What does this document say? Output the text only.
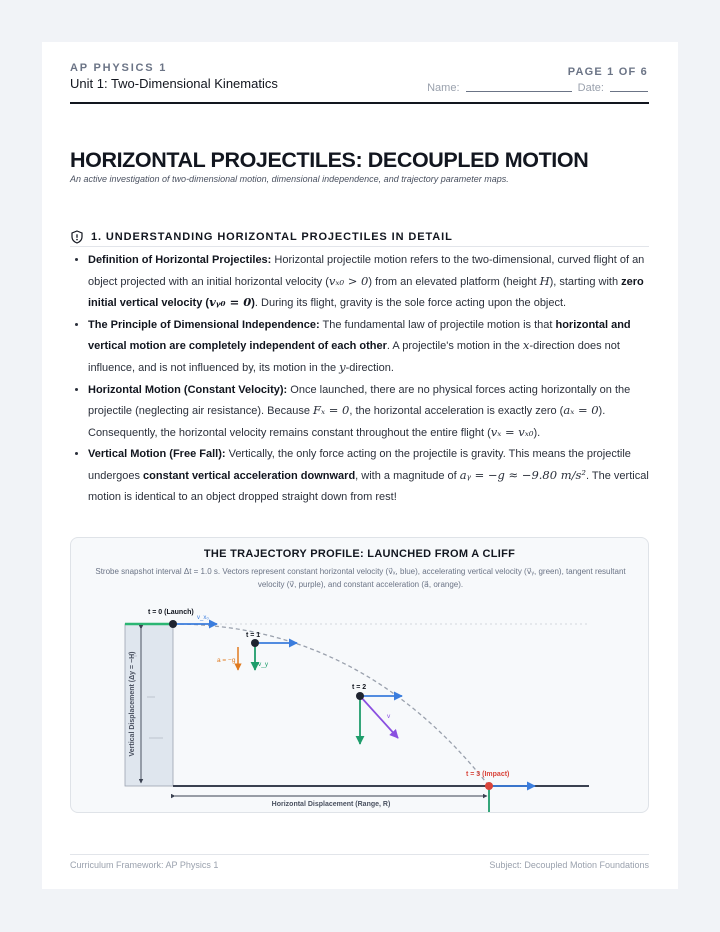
AP PHYSICS 1
Unit 1: Two-Dimensional Kinematics
PAGE 1 OF 6
Name:	Date:
HORIZONTAL PROJECTILES: DECOUPLED MOTION
An active investigation of two-dimensional motion, dimensional independence, and trajectory parameter maps.
1. UNDERSTANDING HORIZONTAL PROJECTILES IN DETAIL
• Definition of Horizontal Projectiles: Horizontal projectile motion refers to the two-dimensional, curved flight of an object projected with an initial horizontal velocity (vₓ₀ > 0) from an elevated platform (height H), starting with zero initial vertical velocity (vᵧ₀ = 0). During its flight, gravity is the sole force acting upon the object.
• The Principle of Dimensional Independence: The fundamental law of projectile motion is that horizontal and vertical motion are completely independent of each other. A projectile's motion in the x-direction does not influence, and is not influenced by, its motion in the y-direction.
• Horizontal Motion (Constant Velocity): Once launched, there are no physical forces acting horizontally on the projectile (neglecting air resistance). Because Fₓ = 0, the horizontal acceleration is exactly zero (aₓ = 0). Consequently, the horizontal velocity remains constant throughout the entire flight (vₓ = vₓ₀).
• Vertical Motion (Free Fall): Vertically, the only force acting on the projectile is gravity. This means the projectile undergoes constant vertical acceleration downward, with a magnitude of aᵧ = −g ≈ −9.80 m/s². The vertical motion is identical to an object dropped straight down from rest!
THE TRAJECTORY PROFILE: LAUNCHED FROM A CLIFF
Strobe snapshot interval Δt = 1.0 s. Vectors represent constant horizontal velocity (v⃗ₓ, blue), accelerating vertical velocity (v⃗ᵧ, green), tangent resultant velocity (v⃗, purple), and constant acceleration (a⃗, orange).
Vertical Displacement (Δy = −H)
Horizontal Displacement (Range, R)
t = 0 (Launch)
v_x₀
t = 1
a = −g
v_y
t = 2
v
t = 3 (Impact)
Curriculum Framework: AP Physics 1	Subject: Decoupled Motion Foundations
